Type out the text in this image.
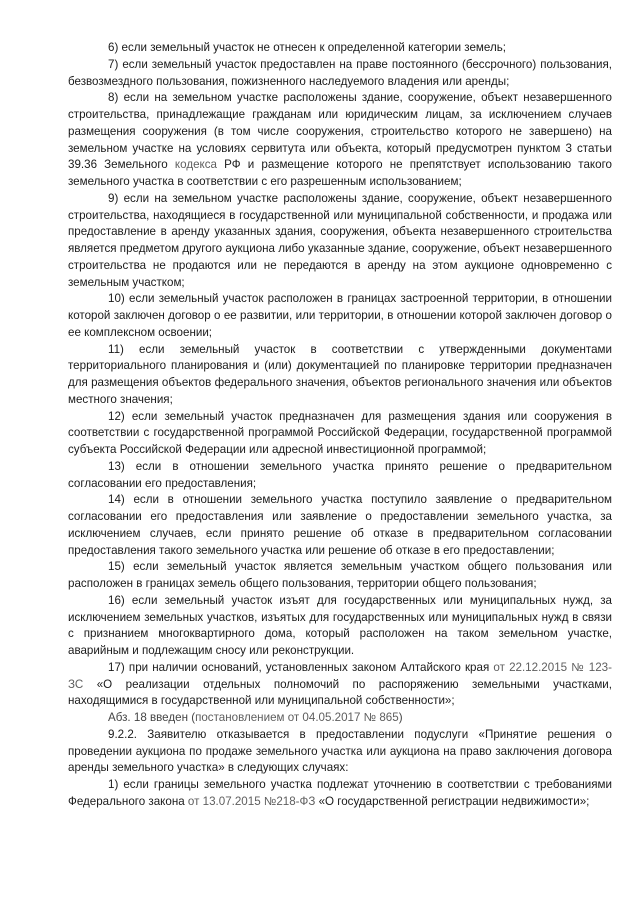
6) если земельный участок не отнесен к определенной категории земель;

7) если земельный участок предоставлен на праве постоянного (бессрочного) пользования, безвозмездного пользования, пожизненного наследуемого владения или аренды;

8) если на земельном участке расположены здание, сооружение, объект незавершенного строительства, принадлежащие гражданам или юридическим лицам, за исключением случаев размещения сооружения (в том числе сооружения, строительство которого не завершено) на земельном участке на условиях сервитута или объекта, который предусмотрен пунктом 3 статьи 39.36 Земельного кодекса РФ и размещение которого не препятствует использованию такого земельного участка в соответствии с его разрешенным использованием;

9) если на земельном участке расположены здание, сооружение, объект незавершенного строительства, находящиеся в государственной или муниципальной собственности, и продажа или предоставление в аренду указанных здания, сооружения, объекта незавершенного строительства является предметом другого аукциона либо указанные здание, сооружение, объект незавершенного строительства не продаются или не передаются в аренду на этом аукционе одновременно с земельным участком;

10) если земельный участок расположен в границах застроенной территории, в отношении которой заключен договор о ее развитии, или территории, в отношении которой заключен договор о ее комплексном освоении;

11) если земельный участок в соответствии с утвержденными документами территориального планирования и (или) документацией по планировке территории предназначен для размещения объектов федерального значения, объектов регионального значения или объектов местного значения;

12) если земельный участок предназначен для размещения здания или сооружения в соответствии с государственной программой Российской Федерации, государственной программой субъекта Российской Федерации или адресной инвестиционной программой;

13) если в отношении земельного участка принято решение о предварительном согласовании его предоставления;

14) если в отношении земельного участка поступило заявление о предварительном согласовании его предоставления или заявление о предоставлении земельного участка, за исключением случаев, если принято решение об отказе в предварительном согласовании предоставления такого земельного участка или решение об отказе в его предоставлении;

15) если земельный участок является земельным участком общего пользования или расположен в границах земель общего пользования, территории общего пользования;

16) если земельный участок изъят для государственных или муниципальных нужд, за исключением земельных участков, изъятых для государственных или муниципальных нужд в связи с признанием многоквартирного дома, который расположен на таком земельном участке, аварийным и подлежащим сносу или реконструкции.

17) при наличии оснований, установленных законом Алтайского края от 22.12.2015 № 123-ЗС «О реализации отдельных полномочий по распоряжению земельными участками, находящимися в государственной или муниципальной собственности»;

Абз. 18 введен (постановлением от 04.05.2017 № 865)

9.2.2. Заявителю отказывается в предоставлении подуслуги «Принятие решения о проведении аукциона по продаже земельного участка или аукциона на право заключения договора аренды земельного участка» в следующих случаях:

1) если границы земельного участка подлежат уточнению в соответствии с требованиями Федерального закона от 13.07.2015 №218-ФЗ «О государственной регистрации недвижимости»;
